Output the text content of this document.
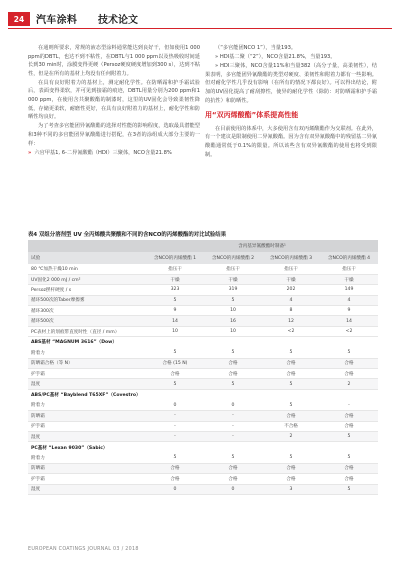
24	汽车涂料 技术论文

在通则所要求，常规的液态型涂料通常能达到良好干，但如使用1 000 ppm的DBTL，也达不到不粘性，在DBTL与1 000 ppm以及热吸收时间延长到30 min时，涂膜变得更硬（Persoz硬度硬度增加到300 s），达到不粘性，但是在所有的基材上均没有任何附着力。

在具有良好附着力的基材上，测定耐化学性。在防晒霜和护手霜试验后，表面变得柔软，并可见到接霜的痕迹，DBTL用量分别为200 ppm和1 000 ppm，在使用含共聚酸酯的制漆时，这里的UV固化会导致柔韧性降低，存储更柔软，耐磨性更好，在具有良好附着力的基材上，耐化学性和防晒性均良好。

为了考查多官能团异氰酸酯的选择对性能的影响程度，选取最具潜能型和3种不同的多官能团异氰酸酯进行搭配，在3者的涂组成大部分主要的一样：

» 六官甲基1, 6-二异氰酸酯（HDI）三聚体，NCO含量21.8%

（“多官能团NCO 1”），当量193。

» HDI基二聚（“2”），NCO含量21.8%，当量193。

» HDI三聚体，NCO含量11%和当量382（高分子量，高柔韧性），结果表明，多官能团异氰酸酯的类型对硬度、柔韧性和附着力都有一些影响。但对耐化学性几乎没有影响（在所有的情况下都良好）。可以得出结论，附加的UV固化提高了耐刮擦性，使异的耐化学性（除防：对防晒霜和护手霜的抗性）和防晒性。

用“双丙烯酸酯”体系提高性能

在目前使用的体系中，大多使用含有双丙烯酸酯作为交联剂。在此外，有一个建议是限制使用二异氰酸酯。因为含有双异氰酸酯中的残留基二异氰酸酯通常低于0.1%的限量。所以该些含有双异氰酸酯的使用也将受到限制。

表4 双组分溶剂型 UV 全丙烯酸共聚酸和不同的含NCO的丙烯酸酯的对比试验结果
	含丙基异氰酸酯时制备¹			
试验	含NCO的丙烯酸酯 1	含NCO的丙烯酸酯 2	含NCO的丙烯酸酯 3	含NCO的丙烯酸酯 4
80 ℃加热干燥10 min	指压干	指压干	指压干	指压干
UV固化2 000 mJ / cm²	干燥	干燥	干燥	干燥
Persoz摆杆硬度 / s	323	319	202	149
循环500次的Taber摩擦雾	5	5	4	4
循环300次	9	10	8	9
循环500次	14	16	12	14
PC表材上的划痕带直度时性（直径 / mm）	10	10	<2	<2
ABS基材 “MAGNUM 3616”（Dow）				
附着力	5	5	5	5
防晒霜合格（等 N）	合格 (15 N)	合格	合格	合格
护手霜	合格	合格	合格	合格
湿度	5	5	5	2
ABS/PC基材 “Bayblend T65XF”（Covestro）				
附着力	0	0	5	-
防晒霜	-	-	合格	合格
护手霜	-	-	不合格	合格
湿度	-	-	2	5
PC基材 “Lexan 9030”（Sabic）				
附着力	5	5	5	5
防晒霜	合格	合格	合格	合格
护手霜	合格	合格	合格	合格
湿度	0	0	3	5
EUROPEAN COATINGS JOURNAL 03 / 2018
